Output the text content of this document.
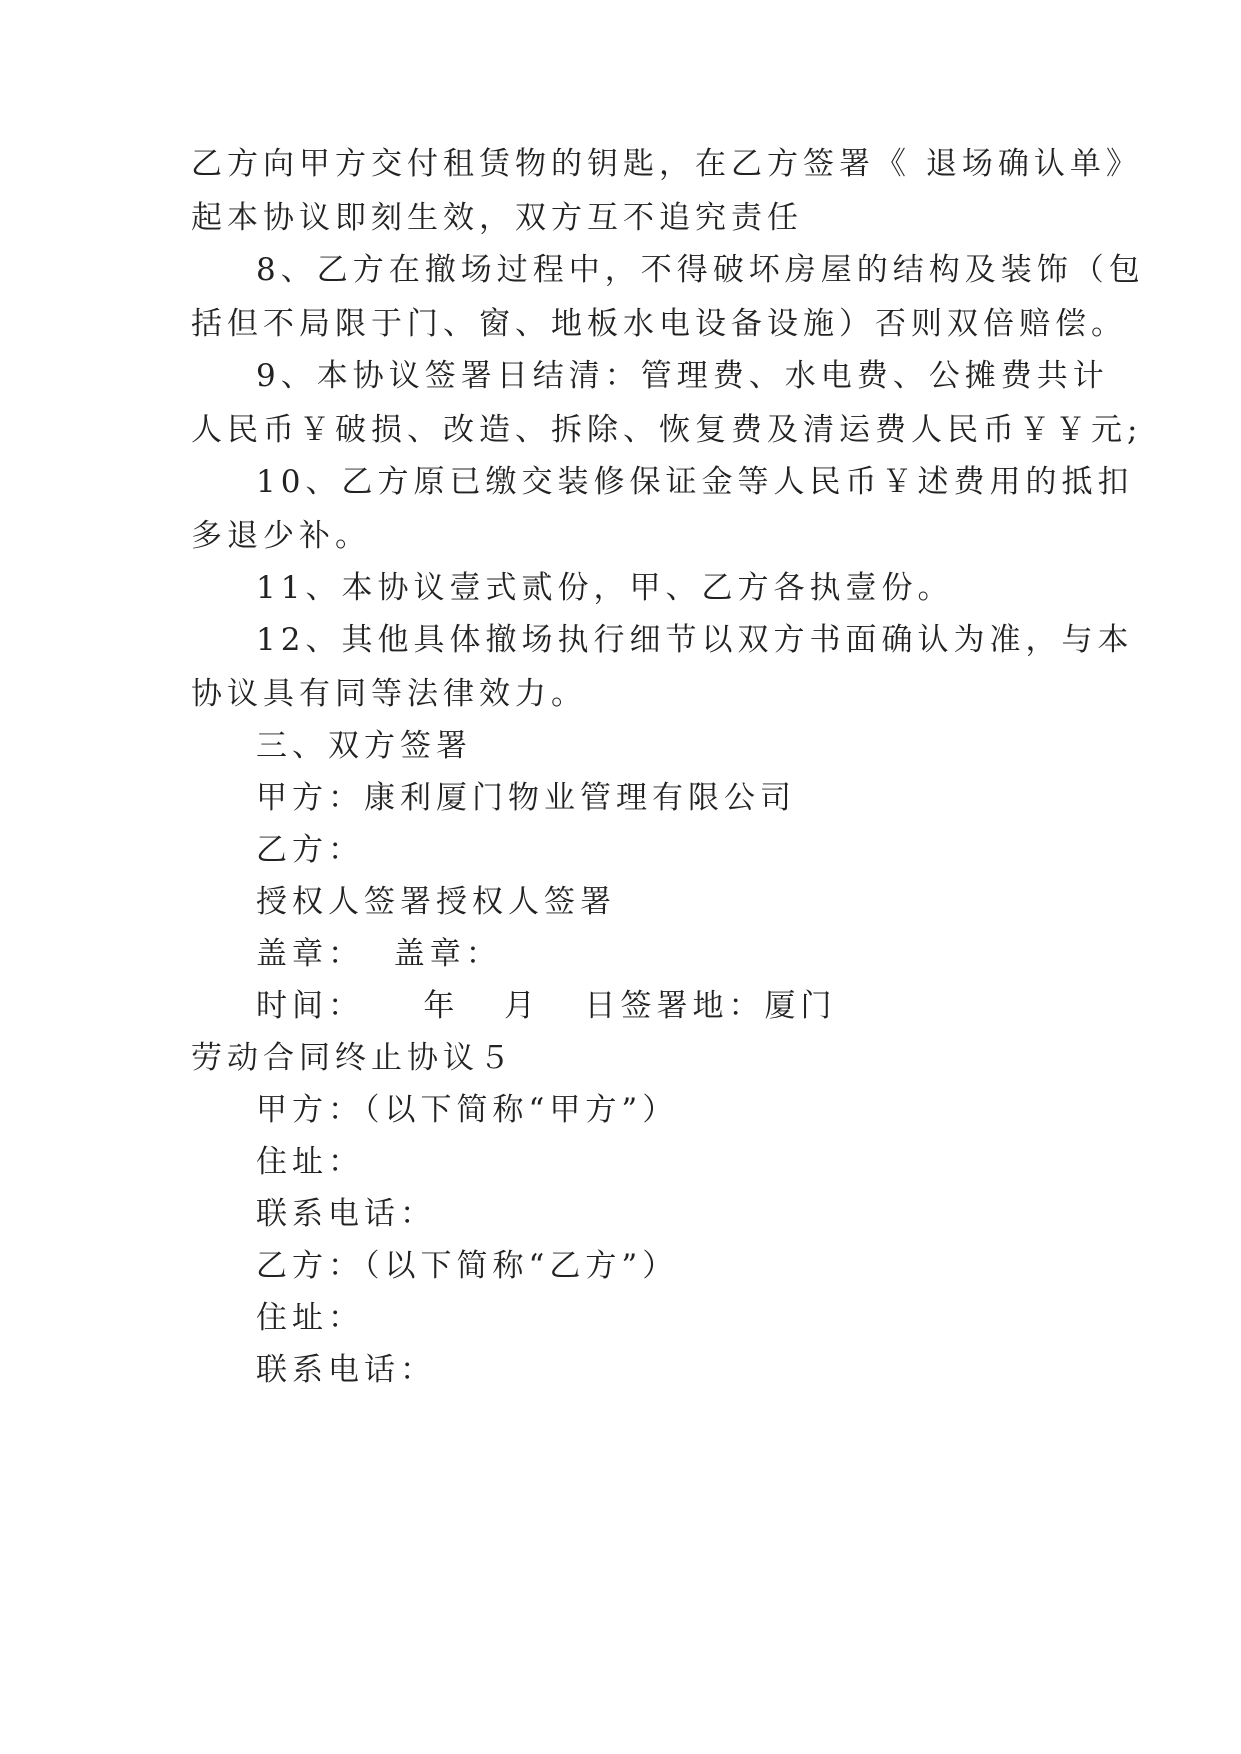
乙方向甲方交付租赁物的钥匙，在乙方签署《 退场确认单》
起本协议即刻生效，双方互不追究责任
8、乙方在撤场过程中，不得破坏房屋的结构及装饰（包
括但不局限于门、窗、地板水电设备设施）否则双倍赔偿。
9、本协议签署日结清：管理费、水电费、公摊费共计
人民币￥破损、改造、拆除、恢复费及清运费人民币￥￥元;
10、乙方原已缴交装修保证金等人民币￥述费用的抵扣
多退少补。
11、本协议壹式贰份，甲、乙方各执壹份。
12、其他具体撤场执行细节以双方书面确认为准，与本
协议具有同等法律效力。
三、双方签署
甲方：康利厦门物业管理有限公司
乙方：
授权人签署授权人签署
盖章：  盖章：
时间：    年   月   日签署地：厦门
劳动合同终止协议５
甲方：（以下简称“甲方”）
住址：
联系电话：
乙方：（以下简称“乙方”）
住址：
联系电话：
